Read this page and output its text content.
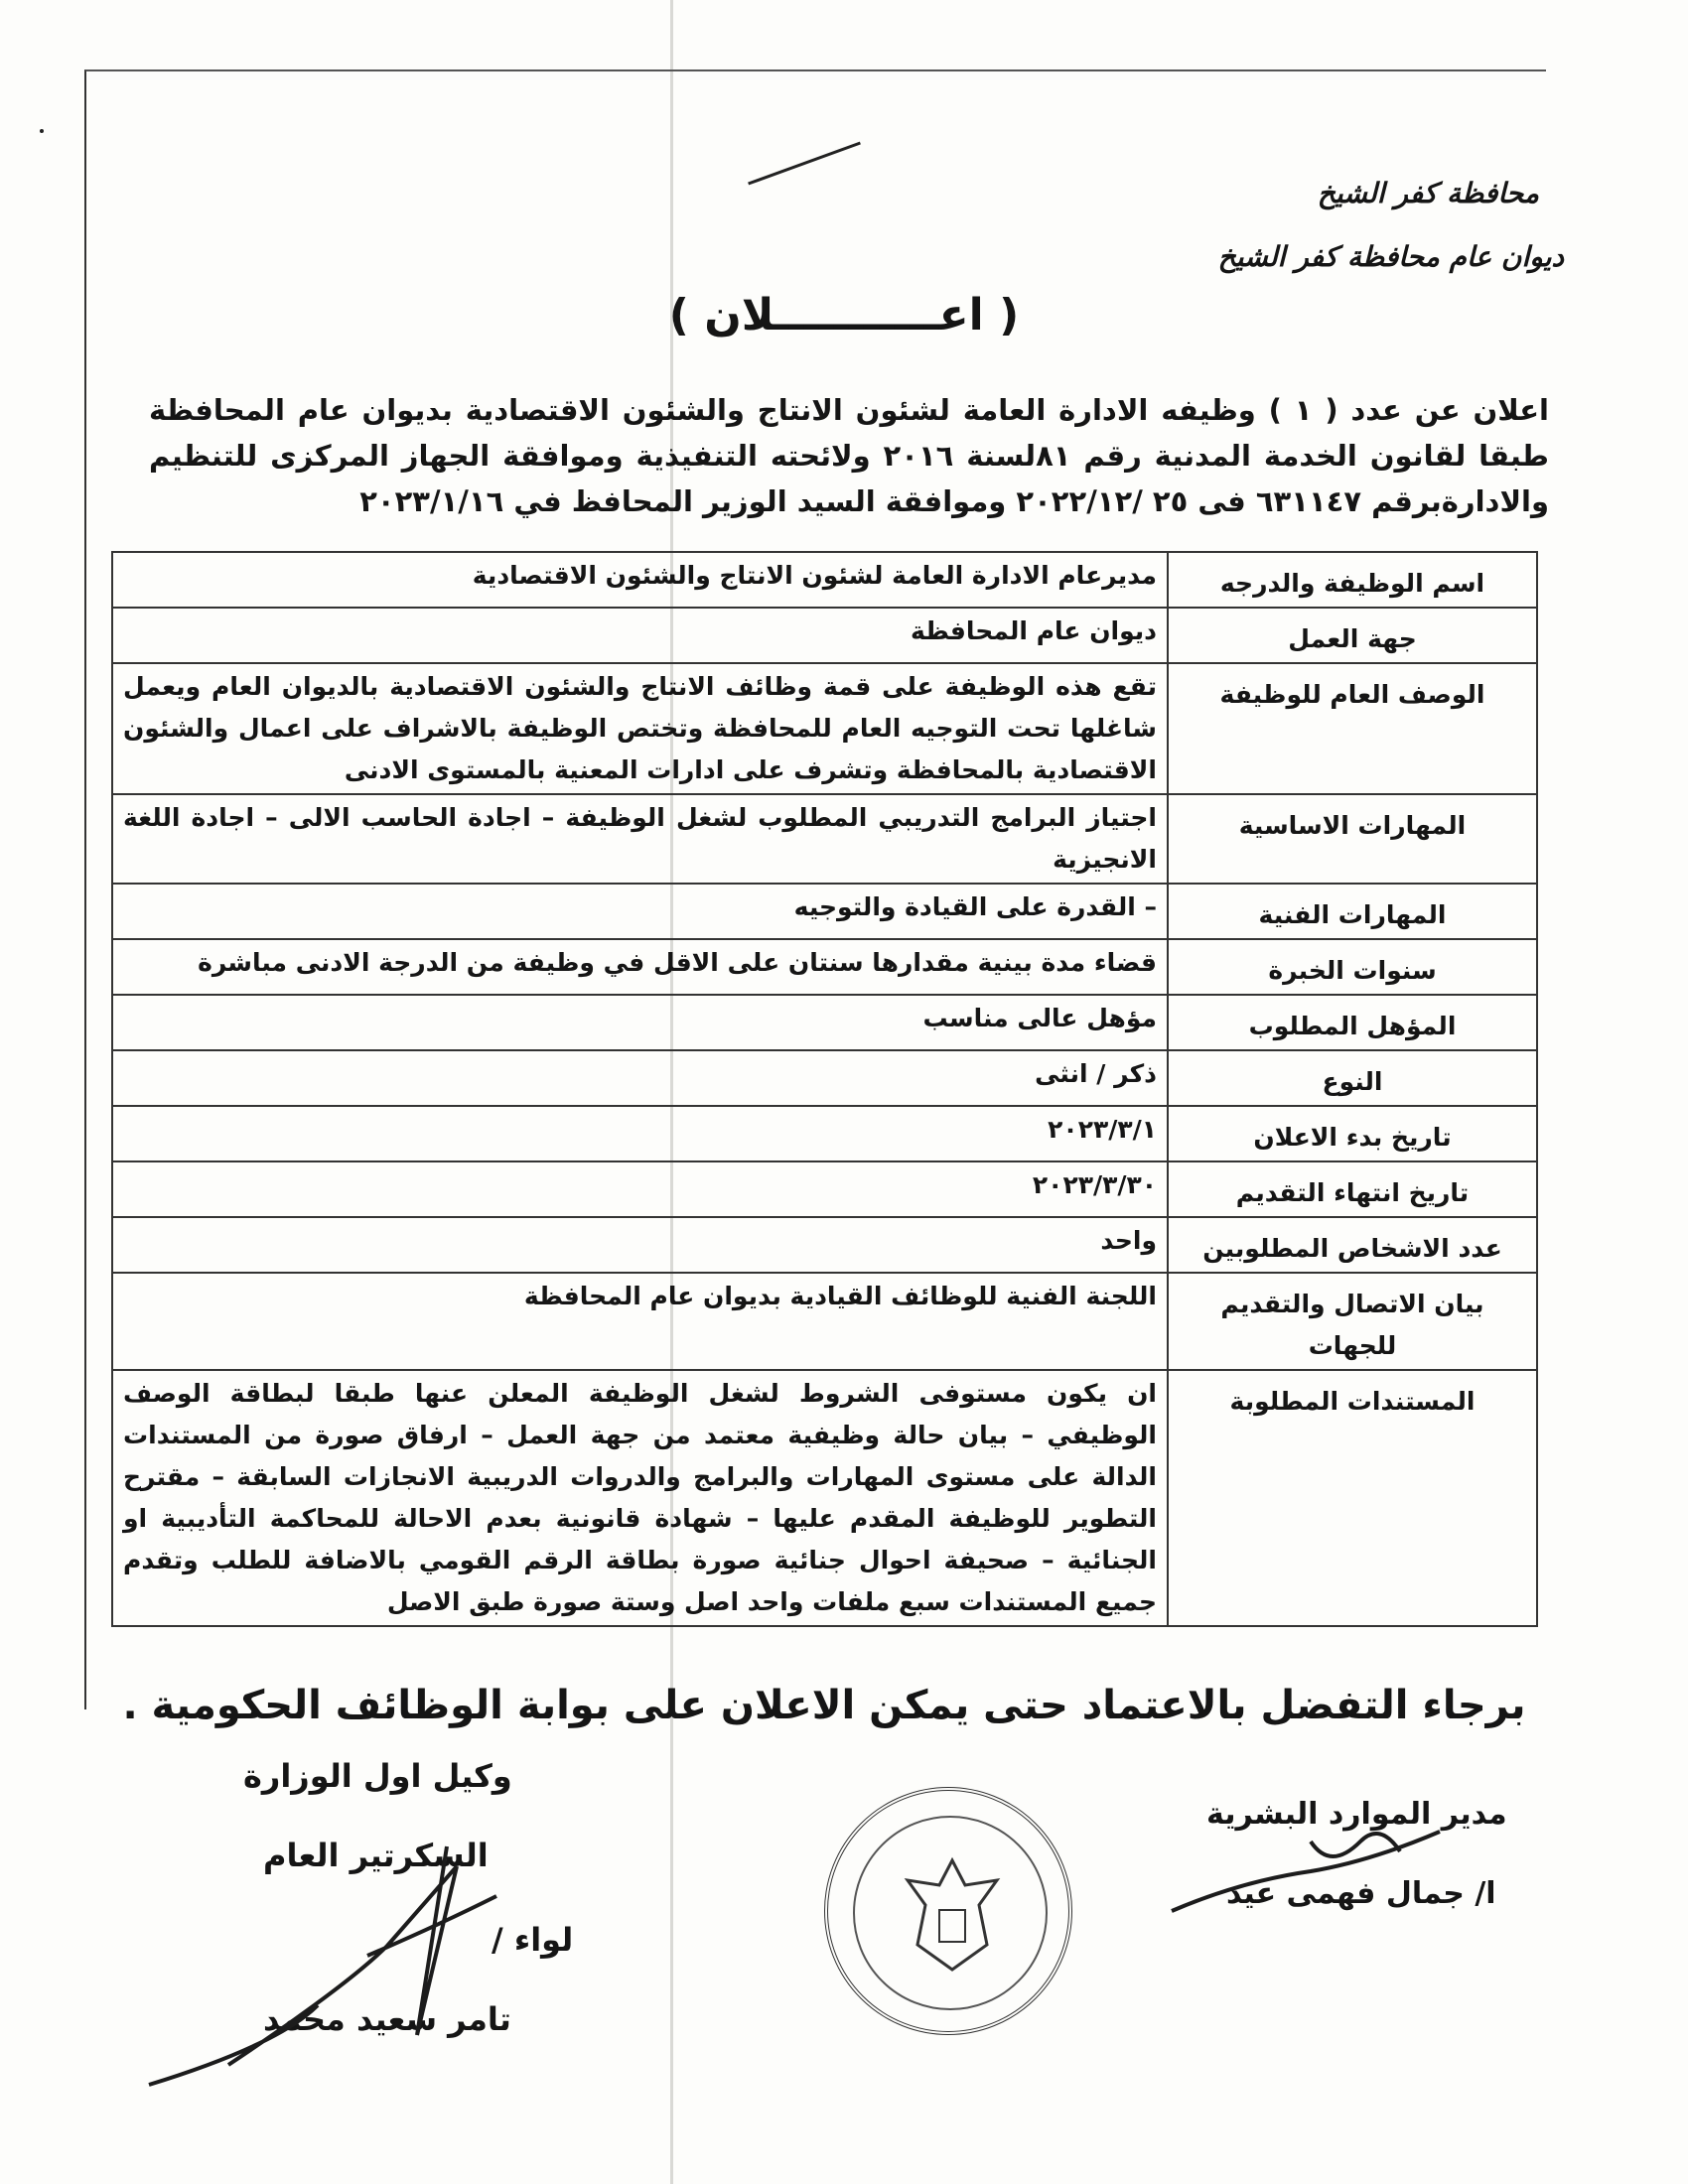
محافظة كفر الشيخ
ديوان عام محافظة كفر الشيخ
( اعـــــــــــلان )
اعلان عن عدد ( ١ ) وظيفه الادارة العامة لشئون الانتاج والشئون الاقتصادية بديوان عام المحافظة طبقا لقانون الخدمة المدنية رقم ٨١لسنة ٢٠١٦ ولائحته التنفيذية وموافقة الجهاز المركزى للتنظيم والادارةبرقم ٦٣١١٤٧ فى ٢٥ /٢٠٢٢/١٢ وموافقة السيد الوزير المحافظ في ٢٠٢٣/١/١٦
اسم الوظيفة والدرجه	مديرعام الادارة العامة لشئون الانتاج والشئون الاقتصادية
جهة العمل	ديوان عام المحافظة
الوصف العام للوظيفة	تقع هذه الوظيفة على قمة وظائف الانتاج والشئون الاقتصادية بالديوان العام ويعمل شاغلها تحت التوجيه العام للمحافظة وتختص الوظيفة بالاشراف على اعمال والشئون الاقتصادية بالمحافظة وتشرف على ادارات المعنية بالمستوى الادنى
المهارات الاساسية	اجتياز البرامج التدريبي المطلوب لشغل الوظيفة – اجادة الحاسب الالى – اجادة اللغة الانجيزية
المهارات الفنية	– القدرة على القيادة والتوجيه
سنوات الخبرة	قضاء مدة بينية مقدارها سنتان على الاقل في وظيفة من الدرجة الادنى مباشرة
المؤهل المطلوب	مؤهل عالى مناسب
النوع	ذكر / انثى
تاريخ بدء الاعلان	٢٠٢٣/٣/١
تاريخ انتهاء التقديم	٢٠٢٣/٣/٣٠
عدد الاشخاص المطلوبين	واحد
بيان الاتصال والتقديم للجهات	اللجنة الفنية للوظائف القيادية بديوان عام المحافظة
المستندات المطلوبة	ان يكون مستوفى الشروط لشغل الوظيفة المعلن عنها طبقا لبطاقة الوصف الوظيفي – بيان حالة وظيفية معتمد من جهة العمل – ارفاق صورة من المستندات الدالة على مستوى المهارات والبرامج والدروات الدريبية الانجازات السابقة – مقترح التطوير للوظيفة المقدم عليها – شهادة قانونية بعدم الاحالة للمحاكمة التأديبية او الجنائية – صحيفة احوال جنائية صورة بطاقة الرقم القومي بالاضافة للطلب وتقدم جميع المستندات سبع ملفات واحد اصل وستة صورة طبق الاصل
برجاء التفضل بالاعتماد حتى يمكن الاعلان على بوابة الوظائف الحكومية .
وكيل اول الوزارة
السكرتير العام
لواء /
تامر سعيد محمد
مدير الموارد البشرية
ا/ جمال فهمى عيد
